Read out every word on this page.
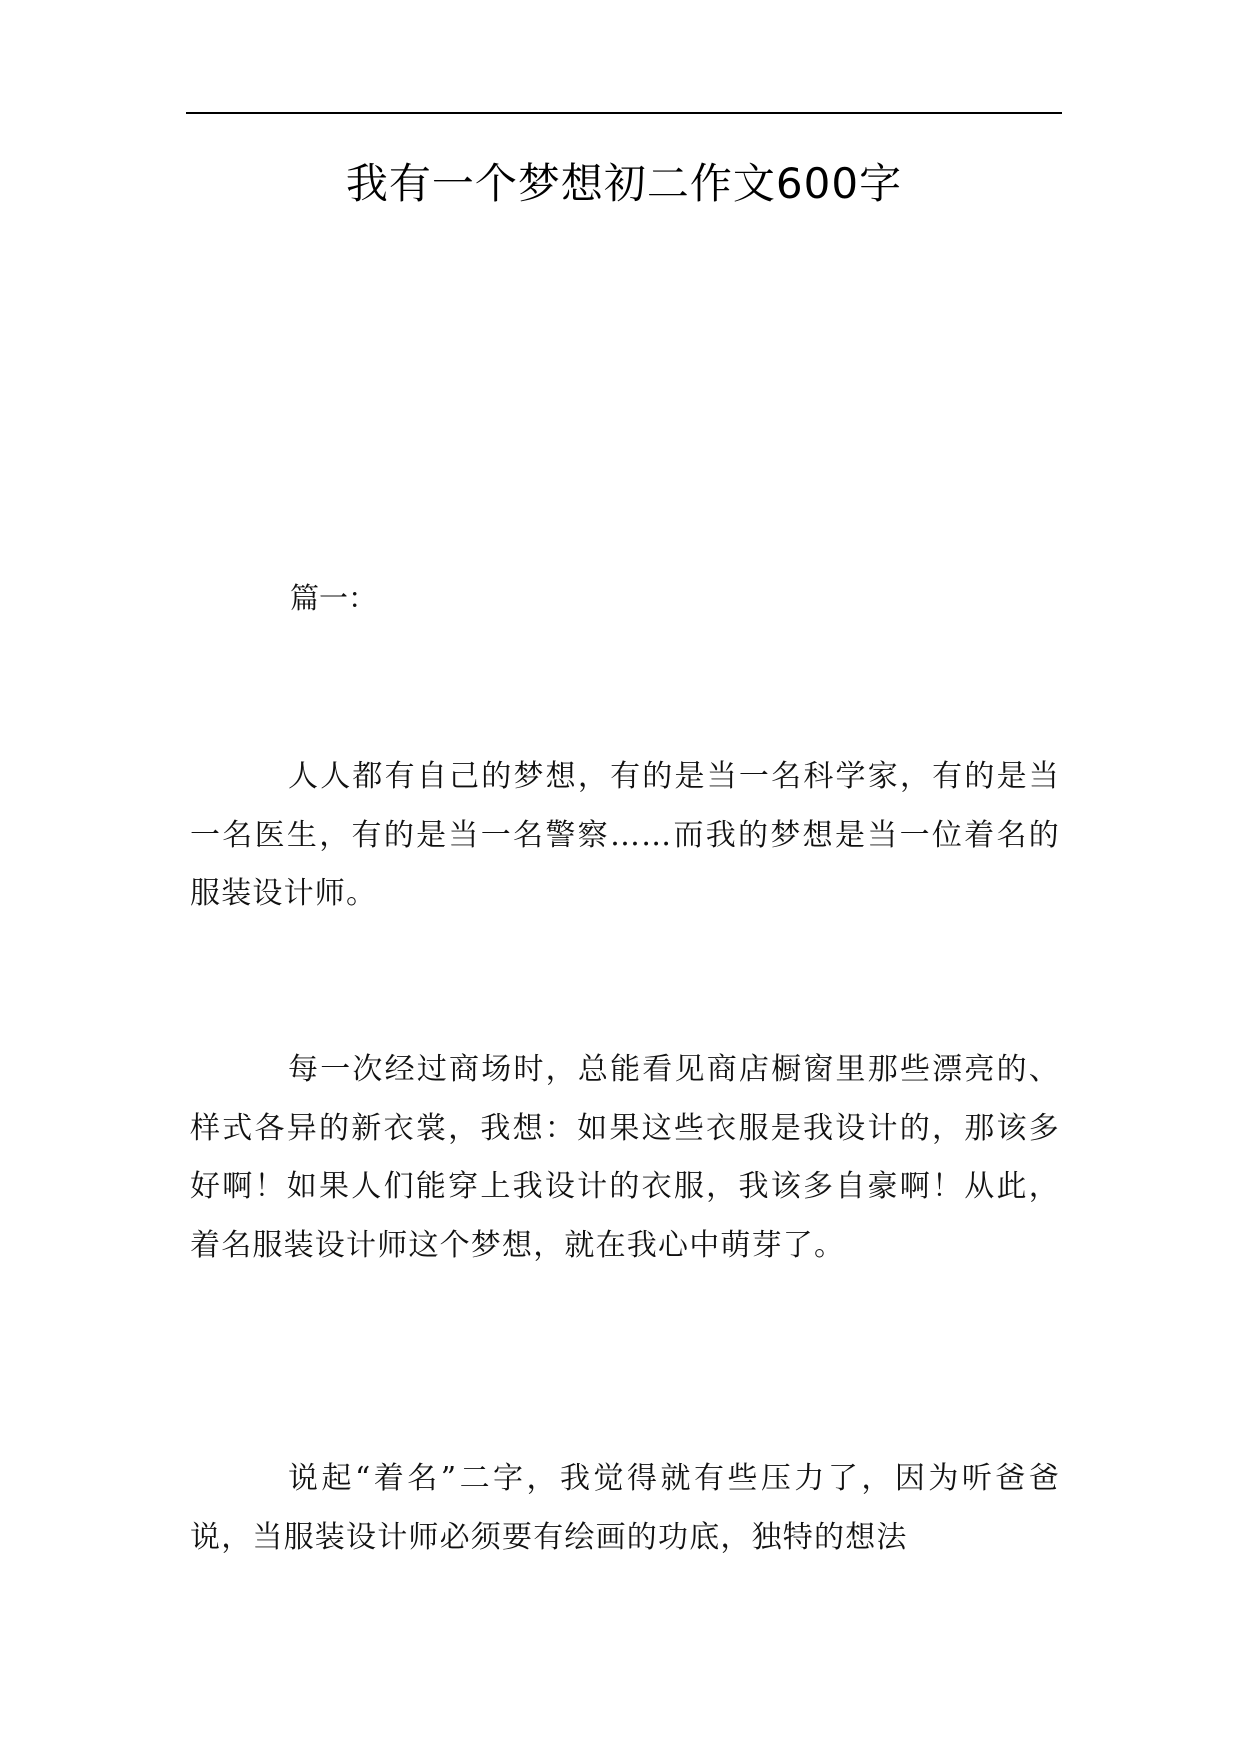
我有一个梦想初二作文600字

篇一：

人人都有自己的梦想，有的是当一名科学家，有的是当一名医生，有的是当一名警察……而我的梦想是当一位着名的服装设计师。

每一次经过商场时，总能看见商店橱窗里那些漂亮的、样式各异的新衣裳，我想：如果这些衣服是我设计的，那该多好啊！如果人们能穿上我设计的衣服，我该多自豪啊！从此，着名服装设计师这个梦想，就在我心中萌芽了。

说起“着名”二字，我觉得就有些压力了，因为听爸爸说，当服装设计师必须要有绘画的功底，独特的想法
